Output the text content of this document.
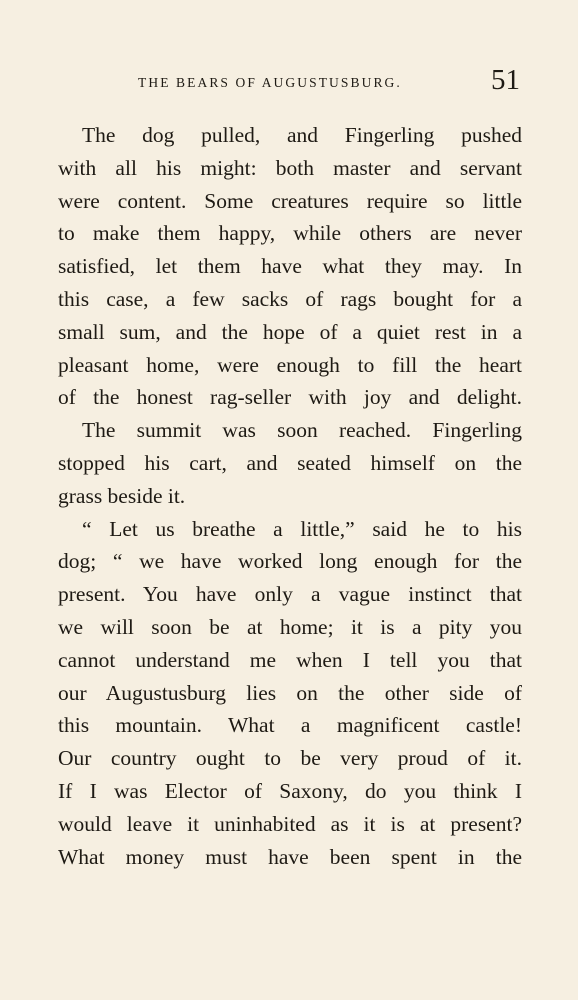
THE BEARS OF AUGUSTUSBURG.	51
The dog pulled, and Fingerling pushed
with all his might: both master and servant
were content. Some creatures require so little
to make them happy, while others are never
satisfied, let them have what they may. In
this case, a few sacks of rags bought for a
small sum, and the hope of a quiet rest in a
pleasant home, were enough to fill the heart
of the honest rag-seller with joy and delight.
The summit was soon reached. Fingerling
stopped his cart, and seated himself on the
grass beside it.
“ Let us breathe a little,” said he to his
dog; “ we have worked long enough for the
present. You have only a vague instinct that
we will soon be at home; it is a pity you
cannot understand me when I tell you that
our Augustusburg lies on the other side of
this mountain. What a magnificent castle!
Our country ought to be very proud of it.
If I was Elector of Saxony, do you think I
would leave it uninhabited as it is at present?
What money must have been spent in the
